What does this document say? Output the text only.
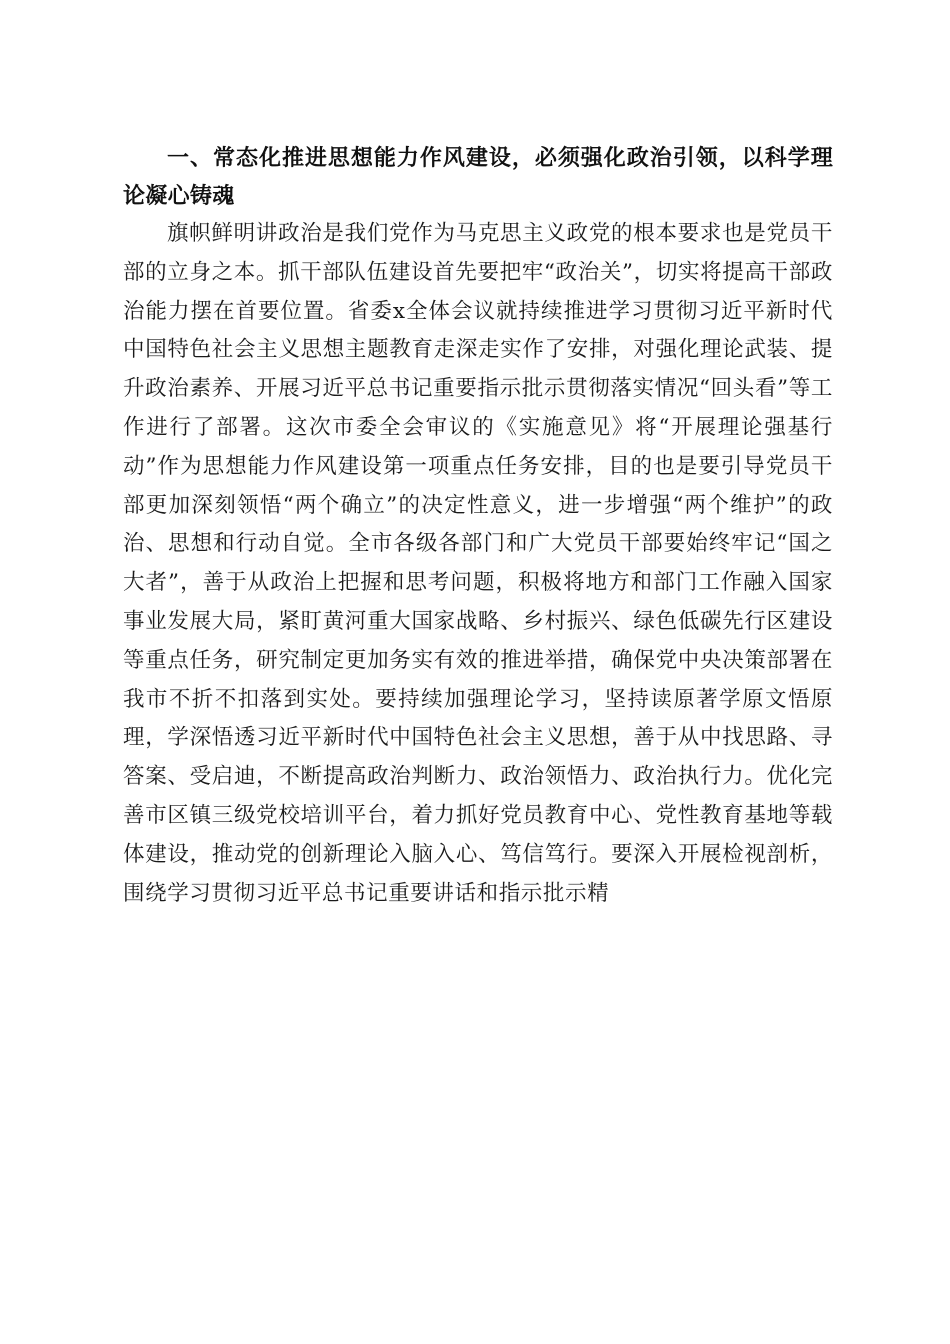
一、常态化推进思想能力作风建设，必须强化政治引领，以科学理论凝心铸魂

旗帜鲜明讲政治是我们党作为马克思主义政党的根本要求也是党员干部的立身之本。抓干部队伍建设首先要把牢“政治关”，切实将提高干部政治能力摆在首要位置。省委x全体会议就持续推进学习贯彻习近平新时代中国特色社会主义思想主题教育走深走实作了安排，对强化理论武装、提升政治素养、开展习近平总书记重要指示批示贯彻落实情况“回头看”等工作进行了部署。这次市委全会审议的《实施意见》将“开展理论强基行动”作为思想能力作风建设第一项重点任务安排，目的也是要引导党员干部更加深刻领悟“两个确立”的决定性意义，进一步增强“两个维护”的政治、思想和行动自觉。全市各级各部门和广大党员干部要始终牢记“国之大者”，善于从政治上把握和思考问题，积极将地方和部门工作融入国家事业发展大局，紧盯黄河重大国家战略、乡村振兴、绿色低碳先行区建设等重点任务，研究制定更加务实有效的推进举措，确保党中央决策部署在我市不折不扣落到实处。要持续加强理论学习，坚持读原著学原文悟原理，学深悟透习近平新时代中国特色社会主义思想，善于从中找思路、寻答案、受启迪，不断提高政治判断力、政治领悟力、政治执行力。优化完善市区镇三级党校培训平台，着力抓好党员教育中心、党性教育基地等载体建设，推动党的创新理论入脑入心、笃信笃行。要深入开展检视剖析，围绕学习贯彻习近平总书记重要讲话和指示批示精
